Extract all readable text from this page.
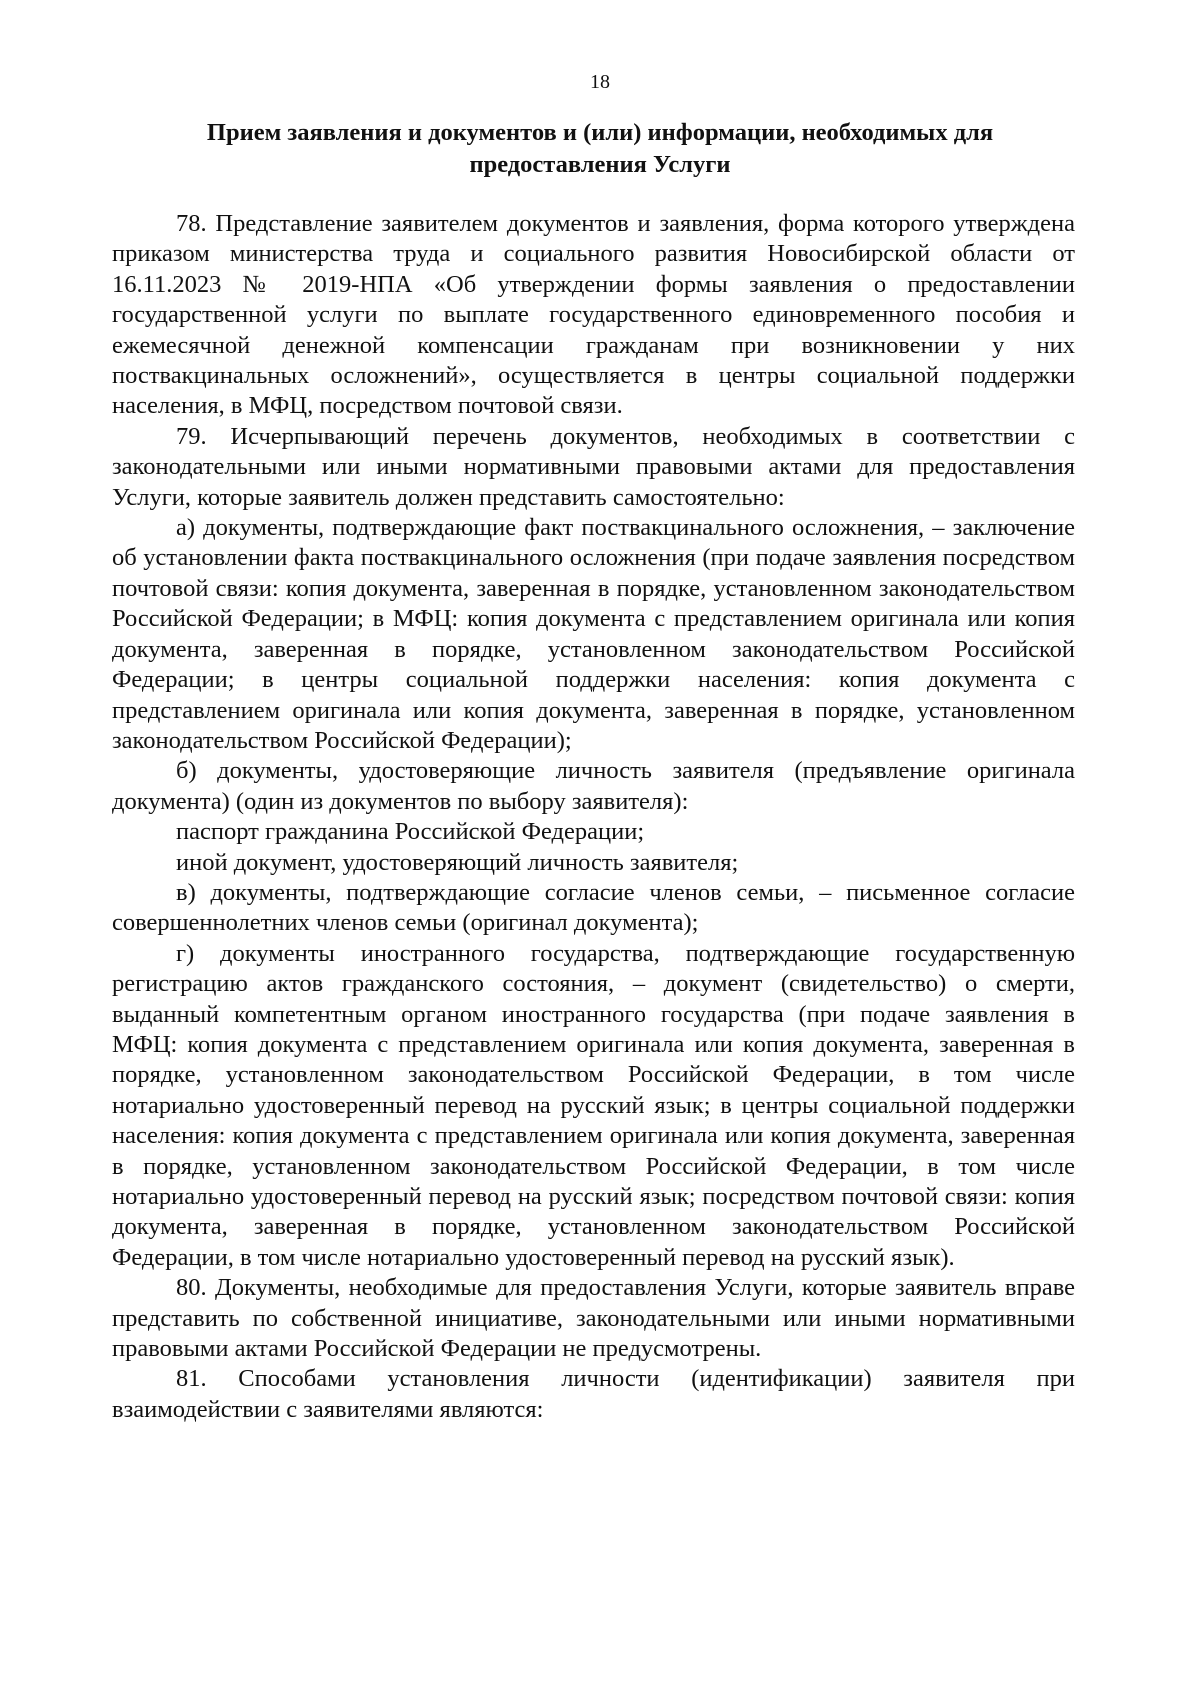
18
Прием заявления и документов и (или) информации, необходимых для
предоставления Услуги

78. Представление заявителем документов и заявления, форма которого утверждена приказом министерства труда и социального развития Новосибирской области от 16.11.2023 № 2019-НПА «Об утверждении формы заявления о предоставлении государственной услуги по выплате государственного единовременного пособия и ежемесячной денежной компенсации гражданам при возникновении у них поствакцинальных осложнений», осуществляется в центры социальной поддержки населения, в МФЦ, посредством почтовой связи.

79. Исчерпывающий перечень документов, необходимых в соответствии с законодательными или иными нормативными правовыми актами для предоставления Услуги, которые заявитель должен представить самостоятельно:

а) документы, подтверждающие факт поствакцинального осложнения, – заключение об установлении факта поствакцинального осложнения (при подаче заявления посредством почтовой связи: копия документа, заверенная в порядке, установленном законодательством Российской Федерации; в МФЦ: копия документа с представлением оригинала или копия документа, заверенная в порядке, установленном законодательством Российской Федерации; в центры социальной поддержки населения: копия документа с представлением оригинала или копия документа, заверенная в порядке, установленном законодательством Российской Федерации);

б) документы, удостоверяющие личность заявителя (предъявление оригинала документа) (один из документов по выбору заявителя):

паспорт гражданина Российской Федерации;

иной документ, удостоверяющий личность заявителя;

в) документы, подтверждающие согласие членов семьи, – письменное согласие совершеннолетних членов семьи (оригинал документа);

г) документы иностранного государства, подтверждающие государственную регистрацию актов гражданского состояния, – документ (свидетельство) о смерти, выданный компетентным органом иностранного государства (при подаче заявления в МФЦ: копия документа с представлением оригинала или копия документа, заверенная в порядке, установленном законодательством Российской Федерации, в том числе нотариально удостоверенный перевод на русский язык; в центры социальной поддержки населения: копия документа с представлением оригинала или копия документа, заверенная в порядке, установленном законодательством Российской Федерации, в том числе нотариально удостоверенный перевод на русский язык; посредством почтовой связи: копия документа, заверенная в порядке, установленном законодательством Российской Федерации, в том числе нотариально удостоверенный перевод на русский язык).

80. Документы, необходимые для предоставления Услуги, которые заявитель вправе представить по собственной инициативе, законодательными или иными нормативными правовыми актами Российской Федерации не предусмотрены.

81. Способами установления личности (идентификации) заявителя при взаимодействии с заявителями являются:
